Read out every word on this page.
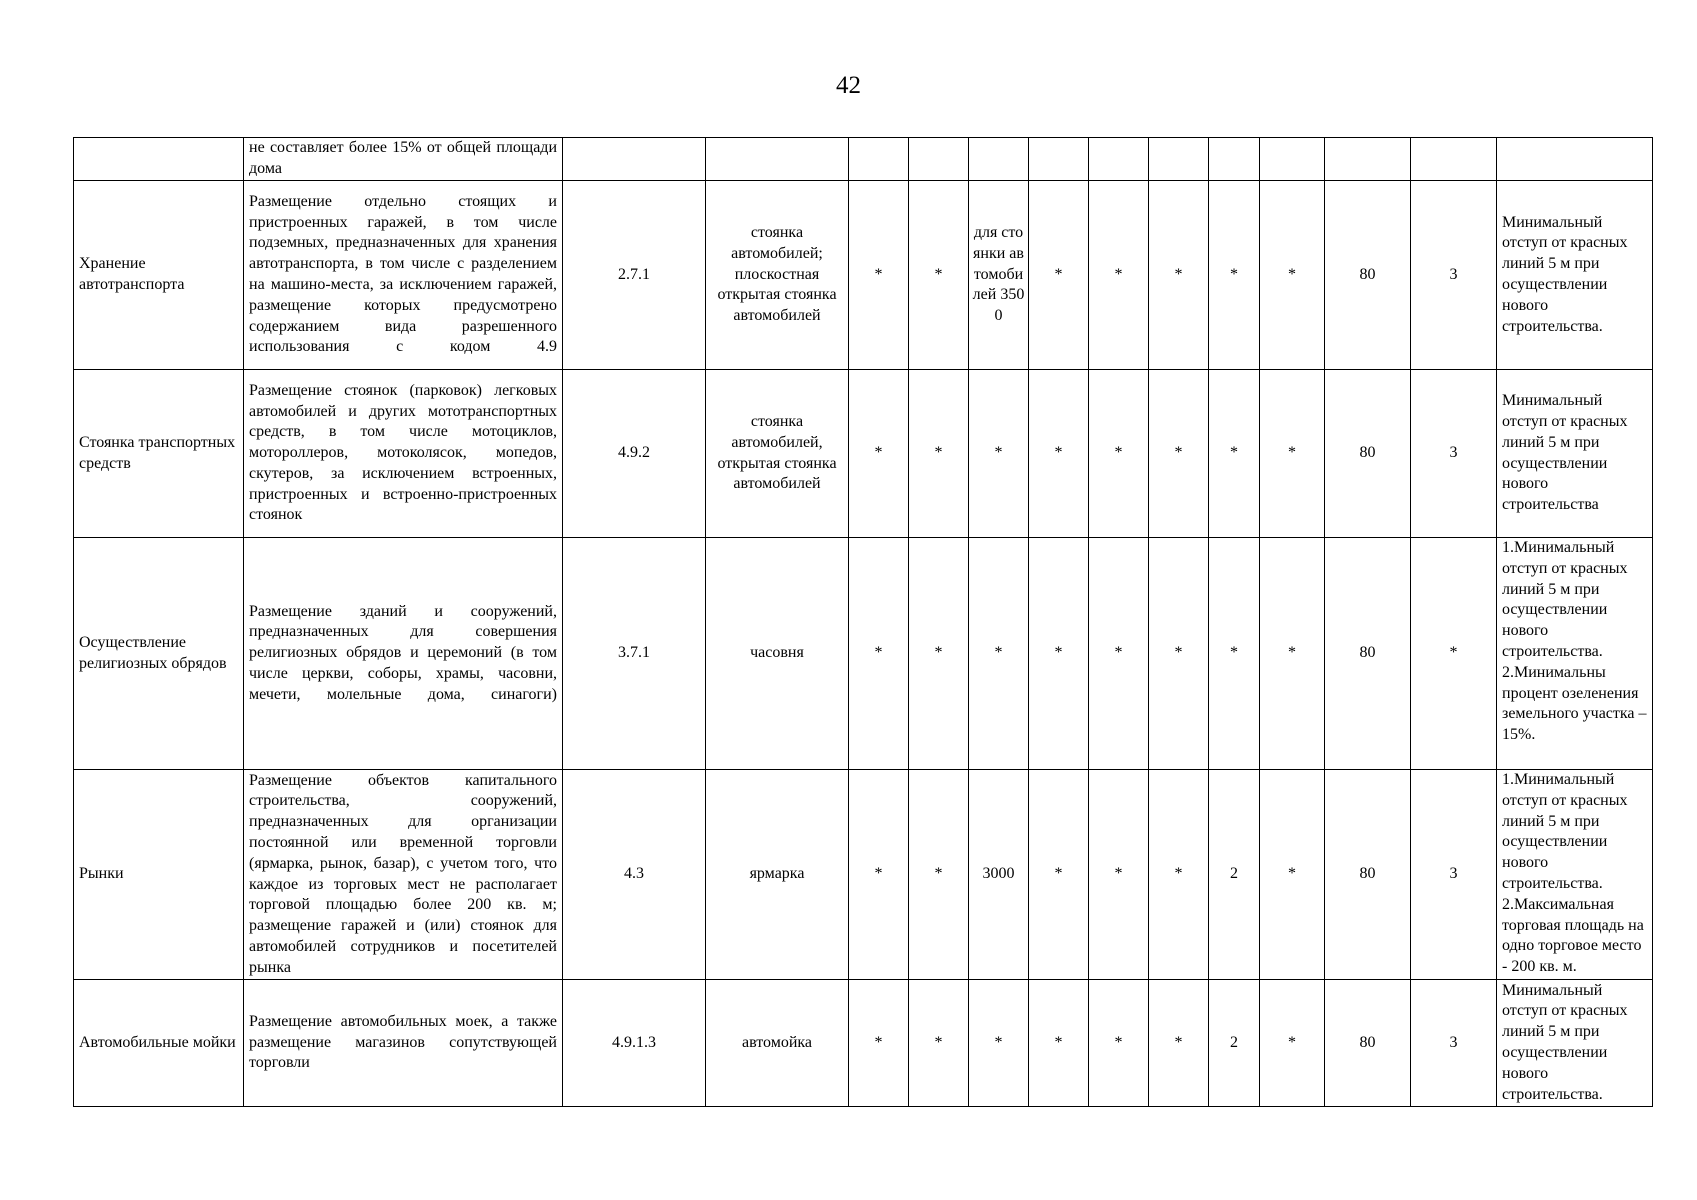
42
	не составляет более 15% от общей площади дома													
Хранение автотранспорта	Размещение отдельно стоящих и пристроенных гаражей, в том числе подземных, предназначенных для хранения автотранспорта, в том числе с разделением на машино-места, за исключением гаражей, размещение которых предусмотрено содержанием вида разрешенного использования с кодом 4.9	2.7.1	стоянка автомобилей; плоскостная открытая стоянка автомобилей	*	*	для стоянки автомобилей 3500	*	*	*	*	*	80	3	Минимальный отступ от красных линий 5 м при осуществлении нового строительства.
Стоянка транспортных средств	Размещение стоянок (парковок) легковых автомобилей и других мототранспортных средств, в том числе мотоциклов, мотороллеров, мотоколясок, мопедов, скутеров, за исключением встроенных, пристроенных и встроенно-пристроенных стоянок	4.9.2	стоянка автомобилей, открытая стоянка автомобилей	*	*	*	*	*	*	*	*	80	3	Минимальный отступ от красных линий 5 м при осуществлении нового строительства
Осуществление религиозных обрядов	Размещение зданий и сооружений, предназначенных для совершения религиозных обрядов и церемоний (в том числе церкви, соборы, храмы, часовни, мечети, молельные дома, синагоги)	3.7.1	часовня	*	*	*	*	*	*	*	*	80	*	1.Минимальный отступ от красных линий 5 м при осуществлении нового строительства.
2.Минимальны процент озеленения земельного участка – 15%.

Рынки	Размещение объектов капитального строительства, сооружений, предназначенных для организации постоянной или временной торговли (ярмарка, рынок, базар), с учетом того, что каждое из торговых мест не располагает торговой площадью более 200 кв. м; размещение гаражей и (или) стоянок для автомобилей сотрудников и посетителей рынка	4.3	ярмарка	*	*	3000	*	*	*	2	*	80	3	1.Минимальный отступ от красных линий 5 м при осуществлении нового строительства.
2.Максимальная торговая площадь на одно торговое место - 200 кв. м.

Автомобильные мойки	Размещение автомобильных моек, а также размещение магазинов сопутствующей торговли	4.9.1.3	автомойка	*	*	*	*	*	*	2	*	80	3	Минимальный отступ от красных линий 5 м при осуществлении нового строительства.
